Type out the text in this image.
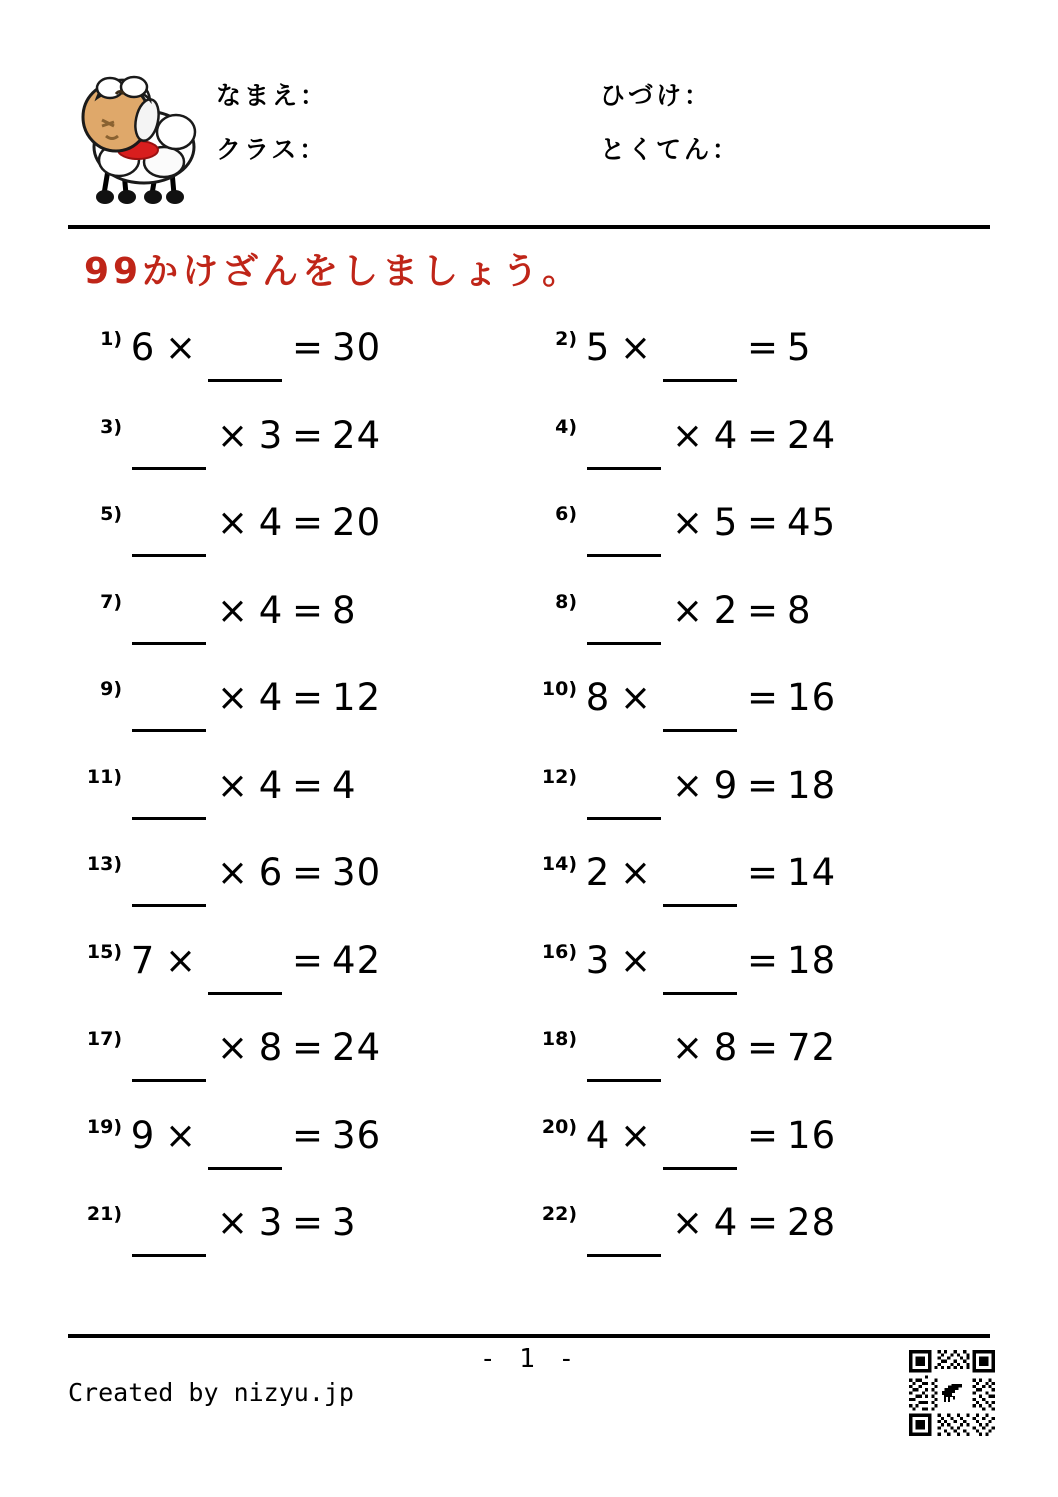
なまえ：
クラス：
ひづけ：
とくてん：
99かけざんをしましょう。
1) 6 ×	= 30	2) 5 ×	= 5
3)	× 3 = 24	4)	× 4 = 24
5)	× 4 = 20	6)	× 5 = 45
7)	× 4 = 8	8)	× 2 = 8
9)	× 4 = 12	10) 8 ×	= 16
11)	× 4 = 4	12)	× 9 = 18
13)	× 6 = 30	14) 2 ×	= 14
15) 7 ×	= 42	16) 3 ×	= 18
17)	× 8 = 24	18)	× 8 = 72
19) 9 ×	= 36	20) 4 ×	= 16
21)	× 3 = 3	22)	× 4 = 28
- 1 -
Created by nizyu.jp
